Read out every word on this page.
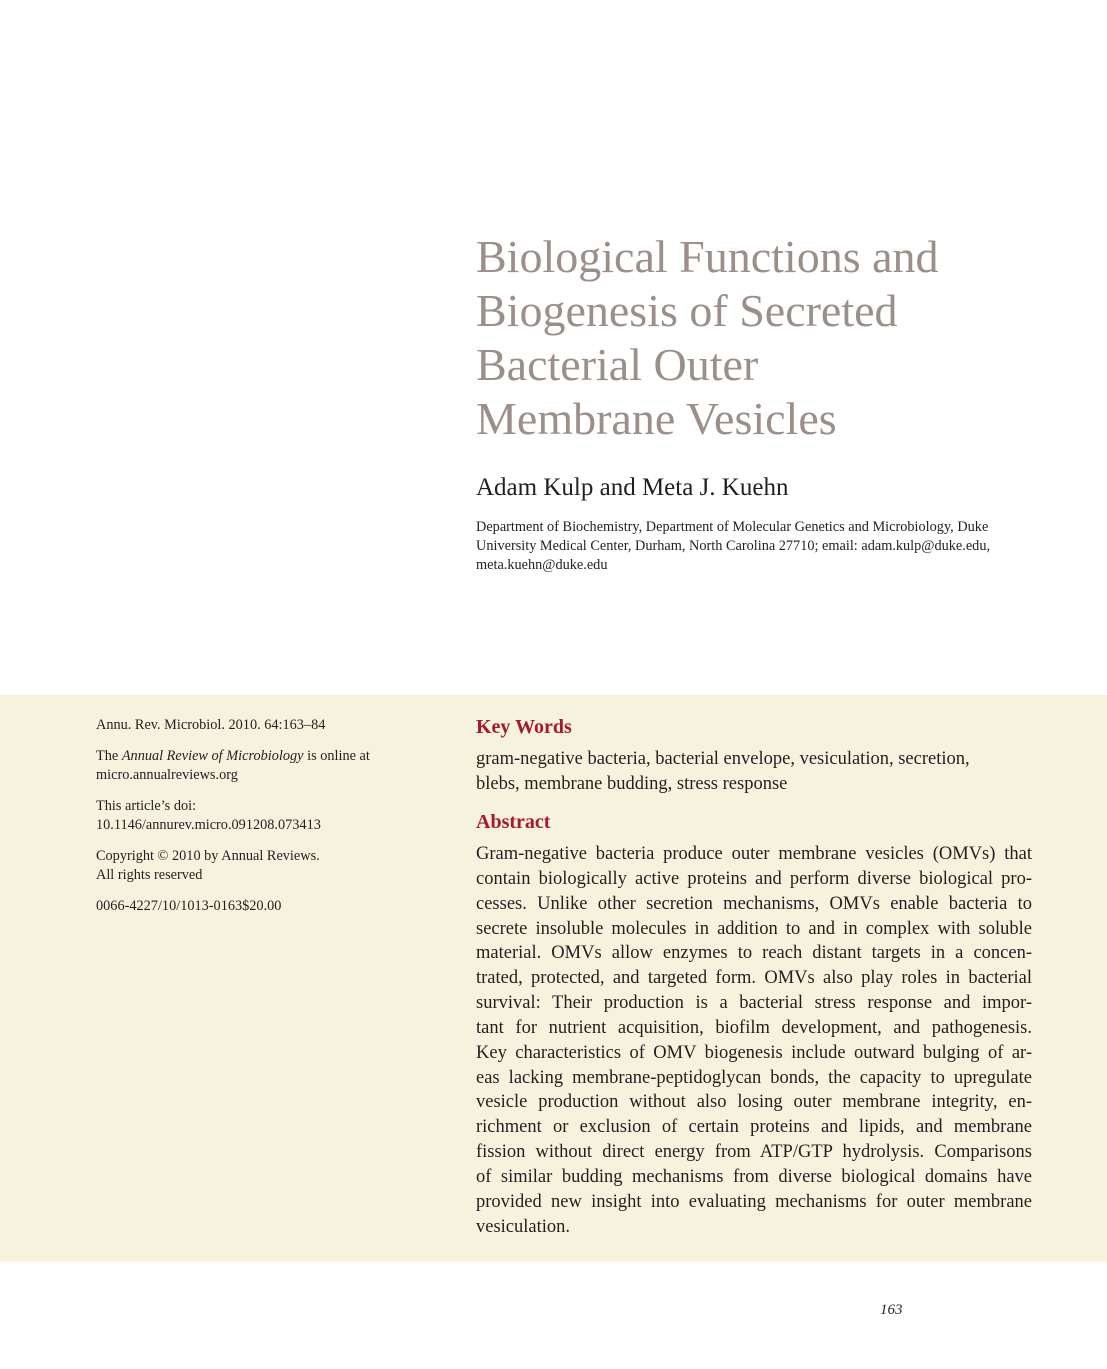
Biological Functions and
Biogenesis of Secreted
Bacterial Outer
Membrane Vesicles

Adam Kulp and Meta J. Kuehn

Department of Biochemistry, Department of Molecular Genetics and Microbiology, Duke
University Medical Center, Durham, North Carolina 27710; email: adam.kulp@duke.edu,
meta.kuehn@duke.edu
Annu. Rev. Microbiol. 2010. 64:163–84
The Annual Review of Microbiology is online at
micro.annualreviews.org
This article’s doi:
10.1146/annurev.micro.091208.073413
Copyright © 2010 by Annual Reviews.
All rights reserved
0066-4227/10/1013-0163$20.00
Key Words
gram-negative bacteria, bacterial envelope, vesiculation, secretion,
blebs, membrane budding, stress response
Abstract
Gram-negative bacteria produce outer membrane vesicles (OMVs) that
contain biologically active proteins and perform diverse biological pro-
cesses. Unlike other secretion mechanisms, OMVs enable bacteria to
secrete insoluble molecules in addition to and in complex with soluble
material. OMVs allow enzymes to reach distant targets in a concen-
trated, protected, and targeted form. OMVs also play roles in bacterial
survival: Their production is a bacterial stress response and impor-
tant for nutrient acquisition, biofilm development, and pathogenesis.
Key characteristics of OMV biogenesis include outward bulging of ar-
eas lacking membrane-peptidoglycan bonds, the capacity to upregulate
vesicle production without also losing outer membrane integrity, en-
richment or exclusion of certain proteins and lipids, and membrane
fission without direct energy from ATP/GTP hydrolysis. Comparisons
of similar budding mechanisms from diverse biological domains have
provided new insight into evaluating mechanisms for outer membrane
vesiculation.
163
